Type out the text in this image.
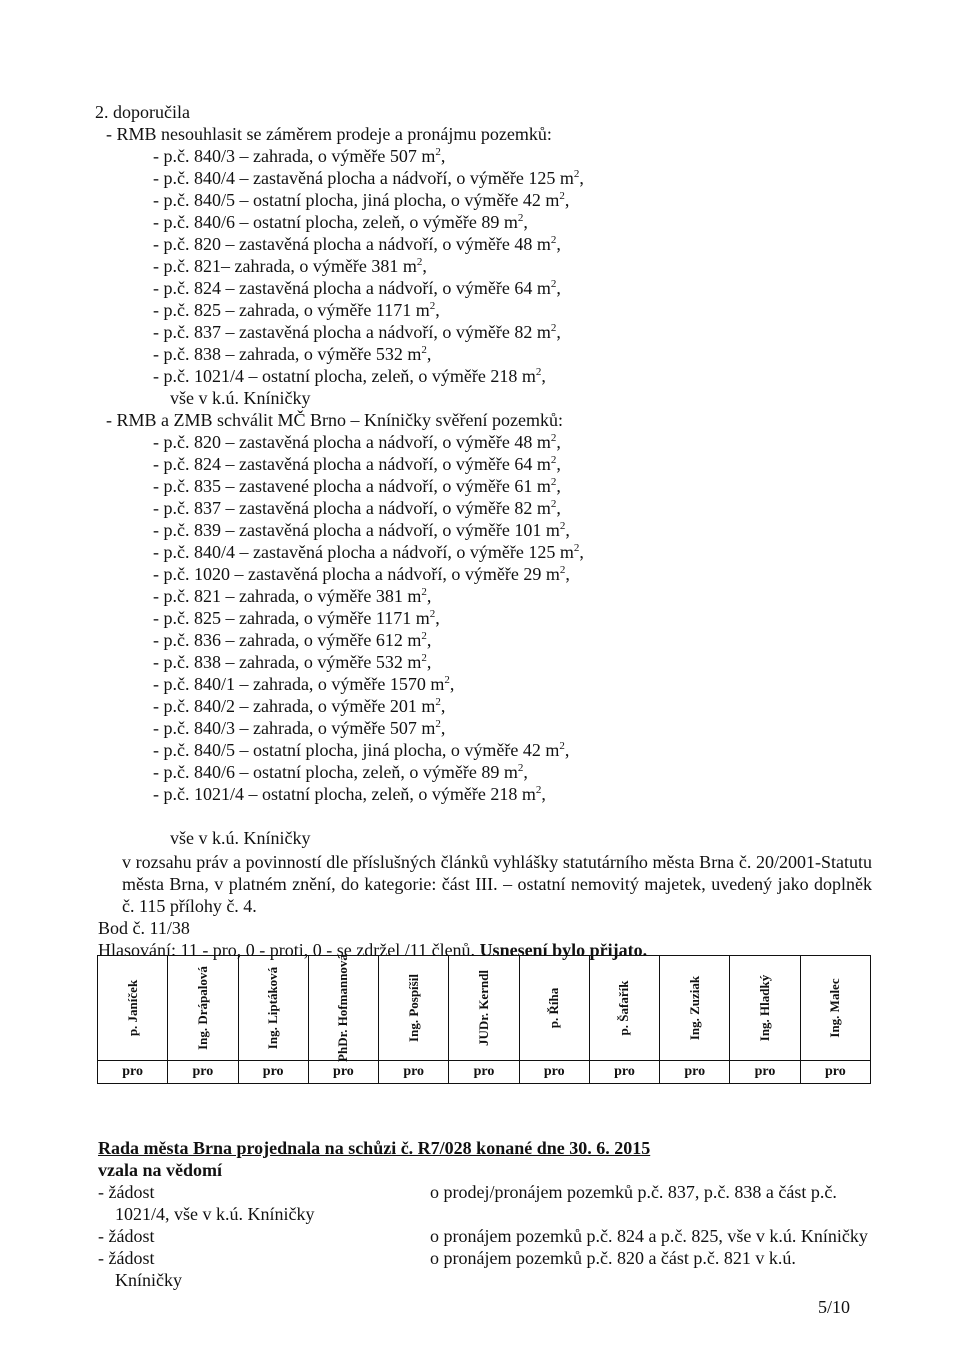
2. doporučila
- RMB nesouhlasit se záměrem prodeje a pronájmu pozemků:
- p.č. 840/3 – zahrada, o výměře 507 $m^2$,
- p.č. 840/4 – zastavěná plocha a nádvoří, o výměře 125 $m^2$,
- p.č. 840/5 – ostatní plocha, jiná plocha, o výměře 42 $m^2$,
- p.č. 840/6 – ostatní plocha, zeleň, o výměře 89 $m^2$,
- p.č. 820 – zastavěná plocha a nádvoří, o výměře 48 $m^2$,
- p.č. 821– zahrada, o výměře 381 $m^2$,
- p.č. 824 – zastavěná plocha a nádvoří, o výměře 64 $m^2$,
- p.č. 825 – zahrada, o výměře 1171 $m^2$,
- p.č. 837 – zastavěná plocha a nádvoří, o výměře 82 $m^2$,
- p.č. 838 – zahrada, o výměře 532 $m^2$,
- p.č. 1021/4 – ostatní plocha, zeleň, o výměře 218 $m^2$,
vše v k.ú. Kníničky
- RMB a ZMB schválit MČ Brno – Kníničky svěření pozemků:
- p.č. 820 – zastavěná plocha a nádvoří, o výměře 48 $m^2$,
- p.č. 824 – zastavěná plocha a nádvoří, o výměře 64 $m^2$,
- p.č. 835 – zastavené plocha a nádvoří, o výměře 61 $m^2$,
- p.č. 837 – zastavěná plocha a nádvoří, o výměře 82 $m^2$,
- p.č. 839 – zastavěná plocha a nádvoří, o výměře 101 $m^2$,
- p.č. 840/4 – zastavěná plocha a nádvoří, o výměře 125 $m^2$,
- p.č. 1020 – zastavěná plocha a nádvoří, o výměře 29 $m^2$,
- p.č. 821 – zahrada, o výměře 381 $m^2$,
- p.č. 825 – zahrada, o výměře 1171 $m^2$,
- p.č. 836 – zahrada, o výměře 612 $m^2$,
- p.č. 838 – zahrada, o výměře 532 $m^2$,
- p.č. 840/1 – zahrada, o výměře 1570 $m^2$,
- p.č. 840/2 – zahrada, o výměře 201 $m^2$,
- p.č. 840/3 – zahrada, o výměře 507 $m^2$,
- p.č. 840/5 – ostatní plocha, jiná plocha, o výměře 42 $m^2$,
- p.č. 840/6 – ostatní plocha, zeleň, o výměře 89 $m^2$,
- p.č. 1021/4 – ostatní plocha, zeleň, o výměře 218 $m^2$,
vše v k.ú. Kníničky
v rozsahu práv a povinností dle příslušných článků vyhlášky statutárního města Brna č. 20/2001-Statutu města Brna, v platném znění, do kategorie: část III. – ostatní nemovitý majetek, uvedený jako doplněk č. 115 přílohy č. 4.
Bod č. 11/38
Hlasování: 11 - pro, 0 - proti, 0 - se zdržel /11 členů. Usnesení bylo přijato.
p. Janíček	Ing. Drápalová	Ing. Liptáková	PhDr. Hofmannová	Ing. Pospíšil	JUDr. Kerndl	p. Říha	p. Šafařík	Ing. Zuziak	Ing. Hladký	Ing. Malec

pro	pro	pro	pro	pro	pro	pro	pro	pro	pro	pro
Rada města Brna projednala na schůzi č. R7/028 konané dne 30. 6. 2015
vzala na vědomí
- žádost	o prodej/pronájem pozemků p.č. 837, p.č. 838 a část p.č.
1021/4, vše v k.ú. Kníničky
- žádost	o pronájem pozemků p.č. 824 a p.č. 825, vše v k.ú. Kníničky
- žádost	o pronájem pozemků p.č. 820 a část p.č. 821 v k.ú.
Kníničky
5/10
